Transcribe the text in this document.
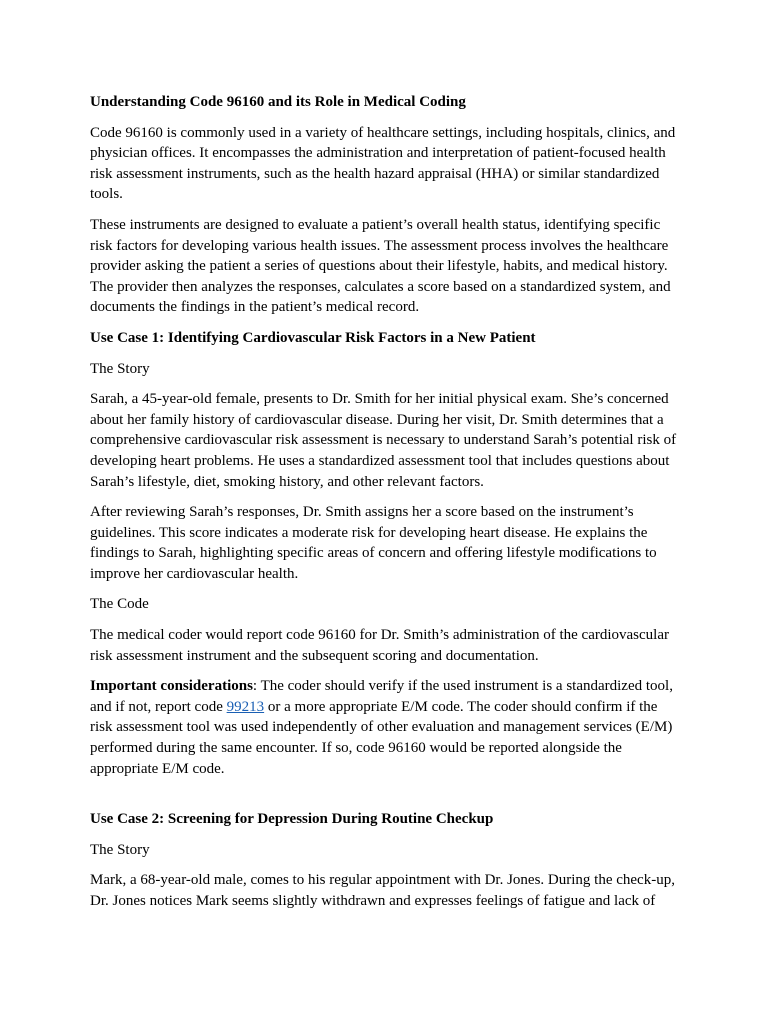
Understanding Code 96160 and its Role in Medical Coding

Code 96160 is commonly used in a variety of healthcare settings, including hospitals, clinics, and physician offices. It encompasses the administration and interpretation of patient-focused health risk assessment instruments, such as the health hazard appraisal (HHA) or similar standardized tools.

These instruments are designed to evaluate a patient’s overall health status, identifying specific risk factors for developing various health issues. The assessment process involves the healthcare provider asking the patient a series of questions about their lifestyle, habits, and medical history. The provider then analyzes the responses, calculates a score based on a standardized system, and documents the findings in the patient’s medical record.

Use Case 1: Identifying Cardiovascular Risk Factors in a New Patient

The Story

Sarah, a 45-year-old female, presents to Dr. Smith for her initial physical exam. She’s concerned about her family history of cardiovascular disease. During her visit, Dr. Smith determines that a comprehensive cardiovascular risk assessment is necessary to understand Sarah’s potential risk of developing heart problems. He uses a standardized assessment tool that includes questions about Sarah’s lifestyle, diet, smoking history, and other relevant factors.

After reviewing Sarah’s responses, Dr. Smith assigns her a score based on the instrument’s guidelines. This score indicates a moderate risk for developing heart disease. He explains the findings to Sarah, highlighting specific areas of concern and offering lifestyle modifications to improve her cardiovascular health.

The Code

The medical coder would report code 96160 for Dr. Smith’s administration of the cardiovascular risk assessment instrument and the subsequent scoring and documentation.

Important considerations: The coder should verify if the used instrument is a standardized tool, and if not, report code 99213 or a more appropriate E/M code. The coder should confirm if the risk assessment tool was used independently of other evaluation and management services (E/M) performed during the same encounter. If so, code 96160 would be reported alongside the appropriate E/M code.

Use Case 2: Screening for Depression During Routine Checkup

The Story

Mark, a 68-year-old male, comes to his regular appointment with Dr. Jones. During the check-up, Dr. Jones notices Mark seems slightly withdrawn and expresses feelings of fatigue and lack of
